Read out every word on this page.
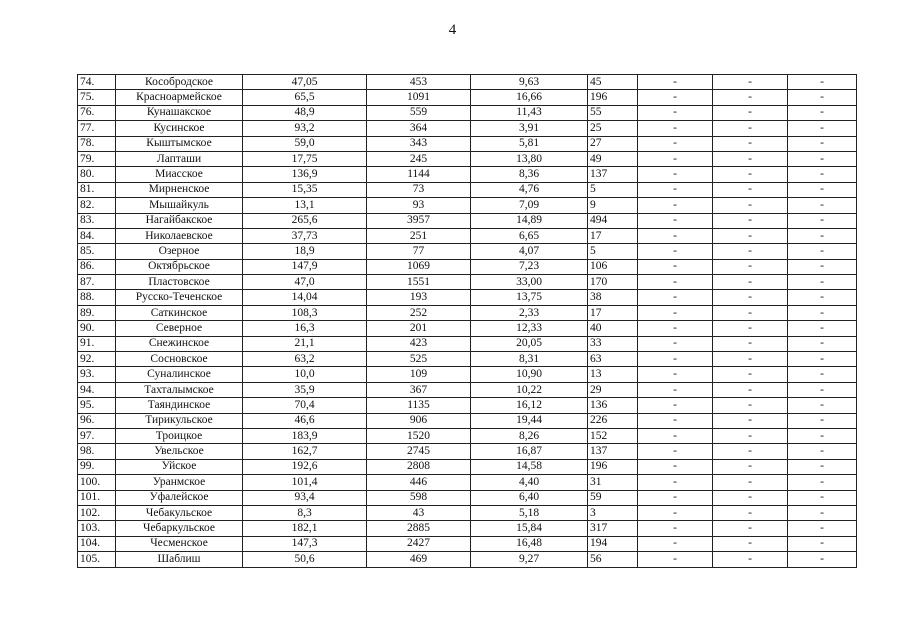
4
74.	Кособродское	47,05	453	9,63	45	-	-	-
75.	Красноармейское	65,5	1091	16,66	196	-	-	-
76.	Кунашакское	48,9	559	11,43	55	-	-	-
77.	Кусинское	93,2	364	3,91	25	-	-	-
78.	Кыштымское	59,0	343	5,81	27	-	-	-
79.	Лапташи	17,75	245	13,80	49	-	-	-
80.	Миасское	136,9	1144	8,36	137	-	-	-
81.	Мирненское	15,35	73	4,76	5	-	-	-
82.	Мышайкуль	13,1	93	7,09	9	-	-	-
83.	Нагайбакское	265,6	3957	14,89	494	-	-	-
84.	Николаевское	37,73	251	6,65	17	-	-	-
85.	Озерное	18,9	77	4,07	5	-	-	-
86.	Октябрьское	147,9	1069	7,23	106	-	-	-
87.	Пластовское	47,0	1551	33,00	170	-	-	-
88.	Русско-Теченское	14,04	193	13,75	38	-	-	-
89.	Саткинское	108,3	252	2,33	17	-	-	-
90.	Северное	16,3	201	12,33	40	-	-	-
91.	Снежинское	21,1	423	20,05	33	-	-	-
92.	Сосновское	63,2	525	8,31	63	-	-	-
93.	Суналинское	10,0	109	10,90	13	-	-	-
94.	Тахталымское	35,9	367	10,22	29	-	-	-
95.	Таяндинское	70,4	1135	16,12	136	-	-	-
96.	Тирикульское	46,6	906	19,44	226	-	-	-
97.	Троицкое	183,9	1520	8,26	152	-	-	-
98.	Увельское	162,7	2745	16,87	137	-	-	-
99.	Уйское	192,6	2808	14,58	196	-	-	-
100.	Уранмское	101,4	446	4,40	31	-	-	-
101.	Уфалейское	93,4	598	6,40	59	-	-	-
102.	Чебакульское	8,3	43	5,18	3	-	-	-
103.	Чебаркульское	182,1	2885	15,84	317	-	-	-
104.	Чесменское	147,3	2427	16,48	194	-	-	-
105.	Шаблиш	50,6	469	9,27	56	-	-	-
